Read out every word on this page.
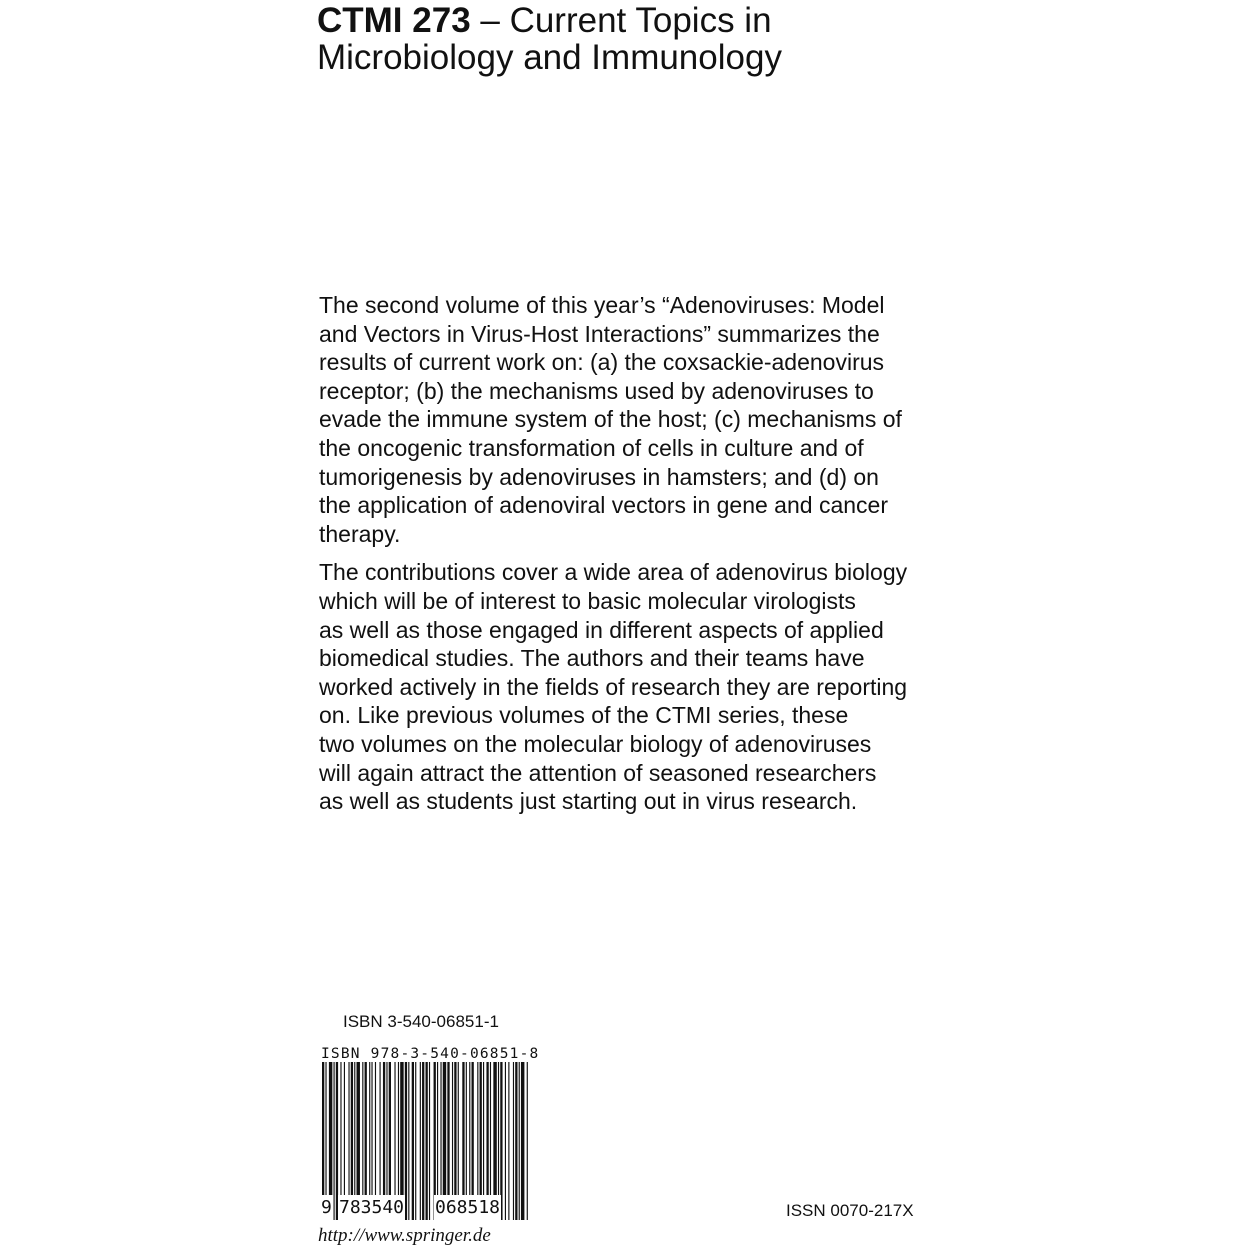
CTMI 273 – Current Topics in
Microbiology and Immunology

The second volume of this year’s “Adenoviruses: Model
and Vectors in Virus-Host Interactions” summarizes the
results of current work on: (a) the coxsackie-adenovirus
receptor; (b) the mechanisms used by adenoviruses to
evade the immune system of the host; (c) mechanisms of
the oncogenic transformation of cells in culture and of
tumorigenesis by adenoviruses in hamsters; and (d) on
the application of adenoviral vectors in gene and cancer
therapy.

The contributions cover a wide area of adenovirus biology
which will be of interest to basic molecular virologists
as well as those engaged in different aspects of applied
biomedical studies. The authors and their teams have
worked actively in the fields of research they are reporting
on. Like previous volumes of the CTMI series, these
two volumes on the molecular biology of adenoviruses
will again attract the attention of seasoned researchers
as well as students just starting out in virus research.

ISBN 3-540-06851-1
ISBN 978-3-540-06851-8
9 783540 068518	ISSN 0070-217X
http://www.springer.de
